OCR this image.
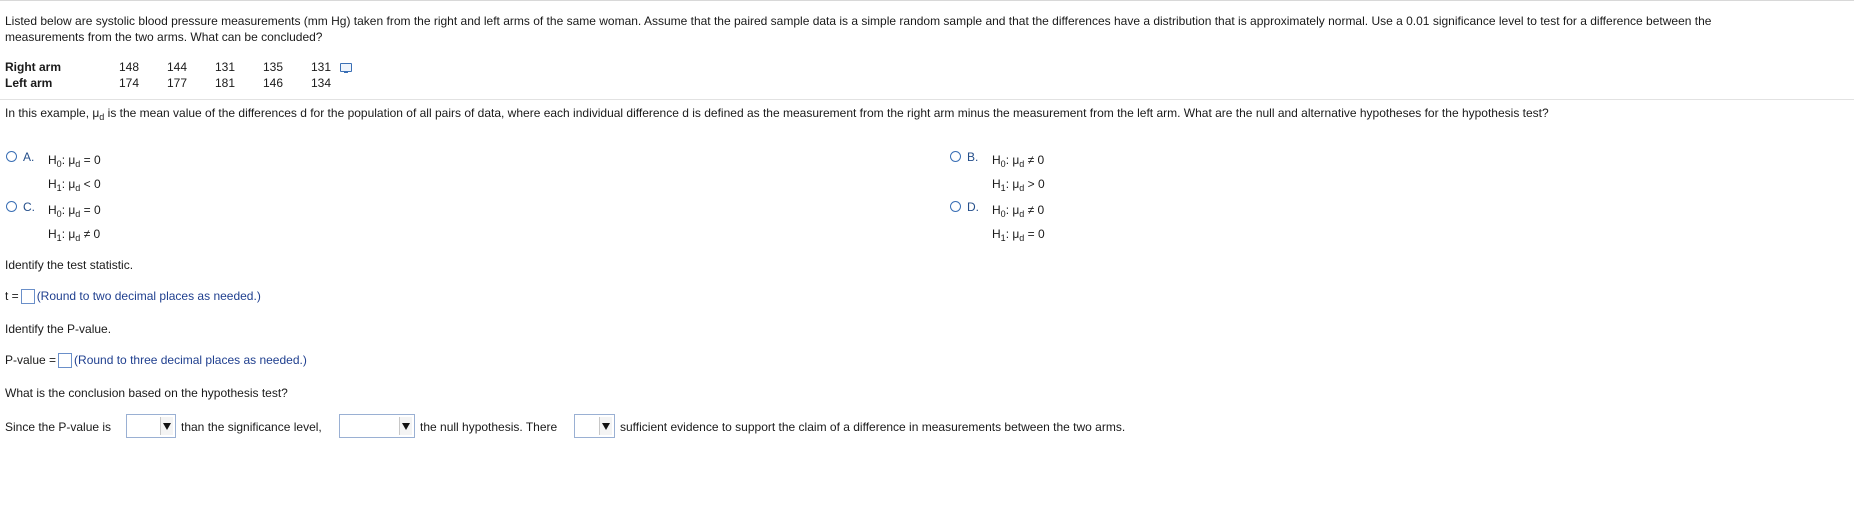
Listed below are systolic blood pressure measurements (mm Hg) taken from the right and left arms of the same woman. Assume that the paired sample data is a simple random sample and that the differences have a distribution that is approximately normal. Use a 0.01 significance level to test for a difference between the
measurements from the two arms. What can be concluded?
Right arm	148	144	131	135	131
Left arm	174	177	181	146	134
In this example, $\mu_d$ is the mean value of the differences d for the population of all pairs of data, where each individual difference d is defined as the measurement from the right arm minus the measurement from the left arm. What are the null and alternative hypotheses for the hypothesis test?
A. $H_0$: $\mu_d = 0$
$H_1$: $\mu_d < 0$
B. $H_0$: $\mu_d \ne 0$
$H_1$: $\mu_d > 0$
C. $H_0$: $\mu_d = 0$
$H_1$: $\mu_d \ne 0$
D. $H_0$: $\mu_d \ne 0$
$H_1$: $\mu_d = 0$
Identify the test statistic.
t = (Round to two decimal places as needed.)
Identify the P-value.
P-value = (Round to three decimal places as needed.)
What is the conclusion based on the hypothesis test?
Since the P-value is	than the significance level,	the null hypothesis. There	sufficient evidence to support the claim of a difference in measurements between the two arms.
